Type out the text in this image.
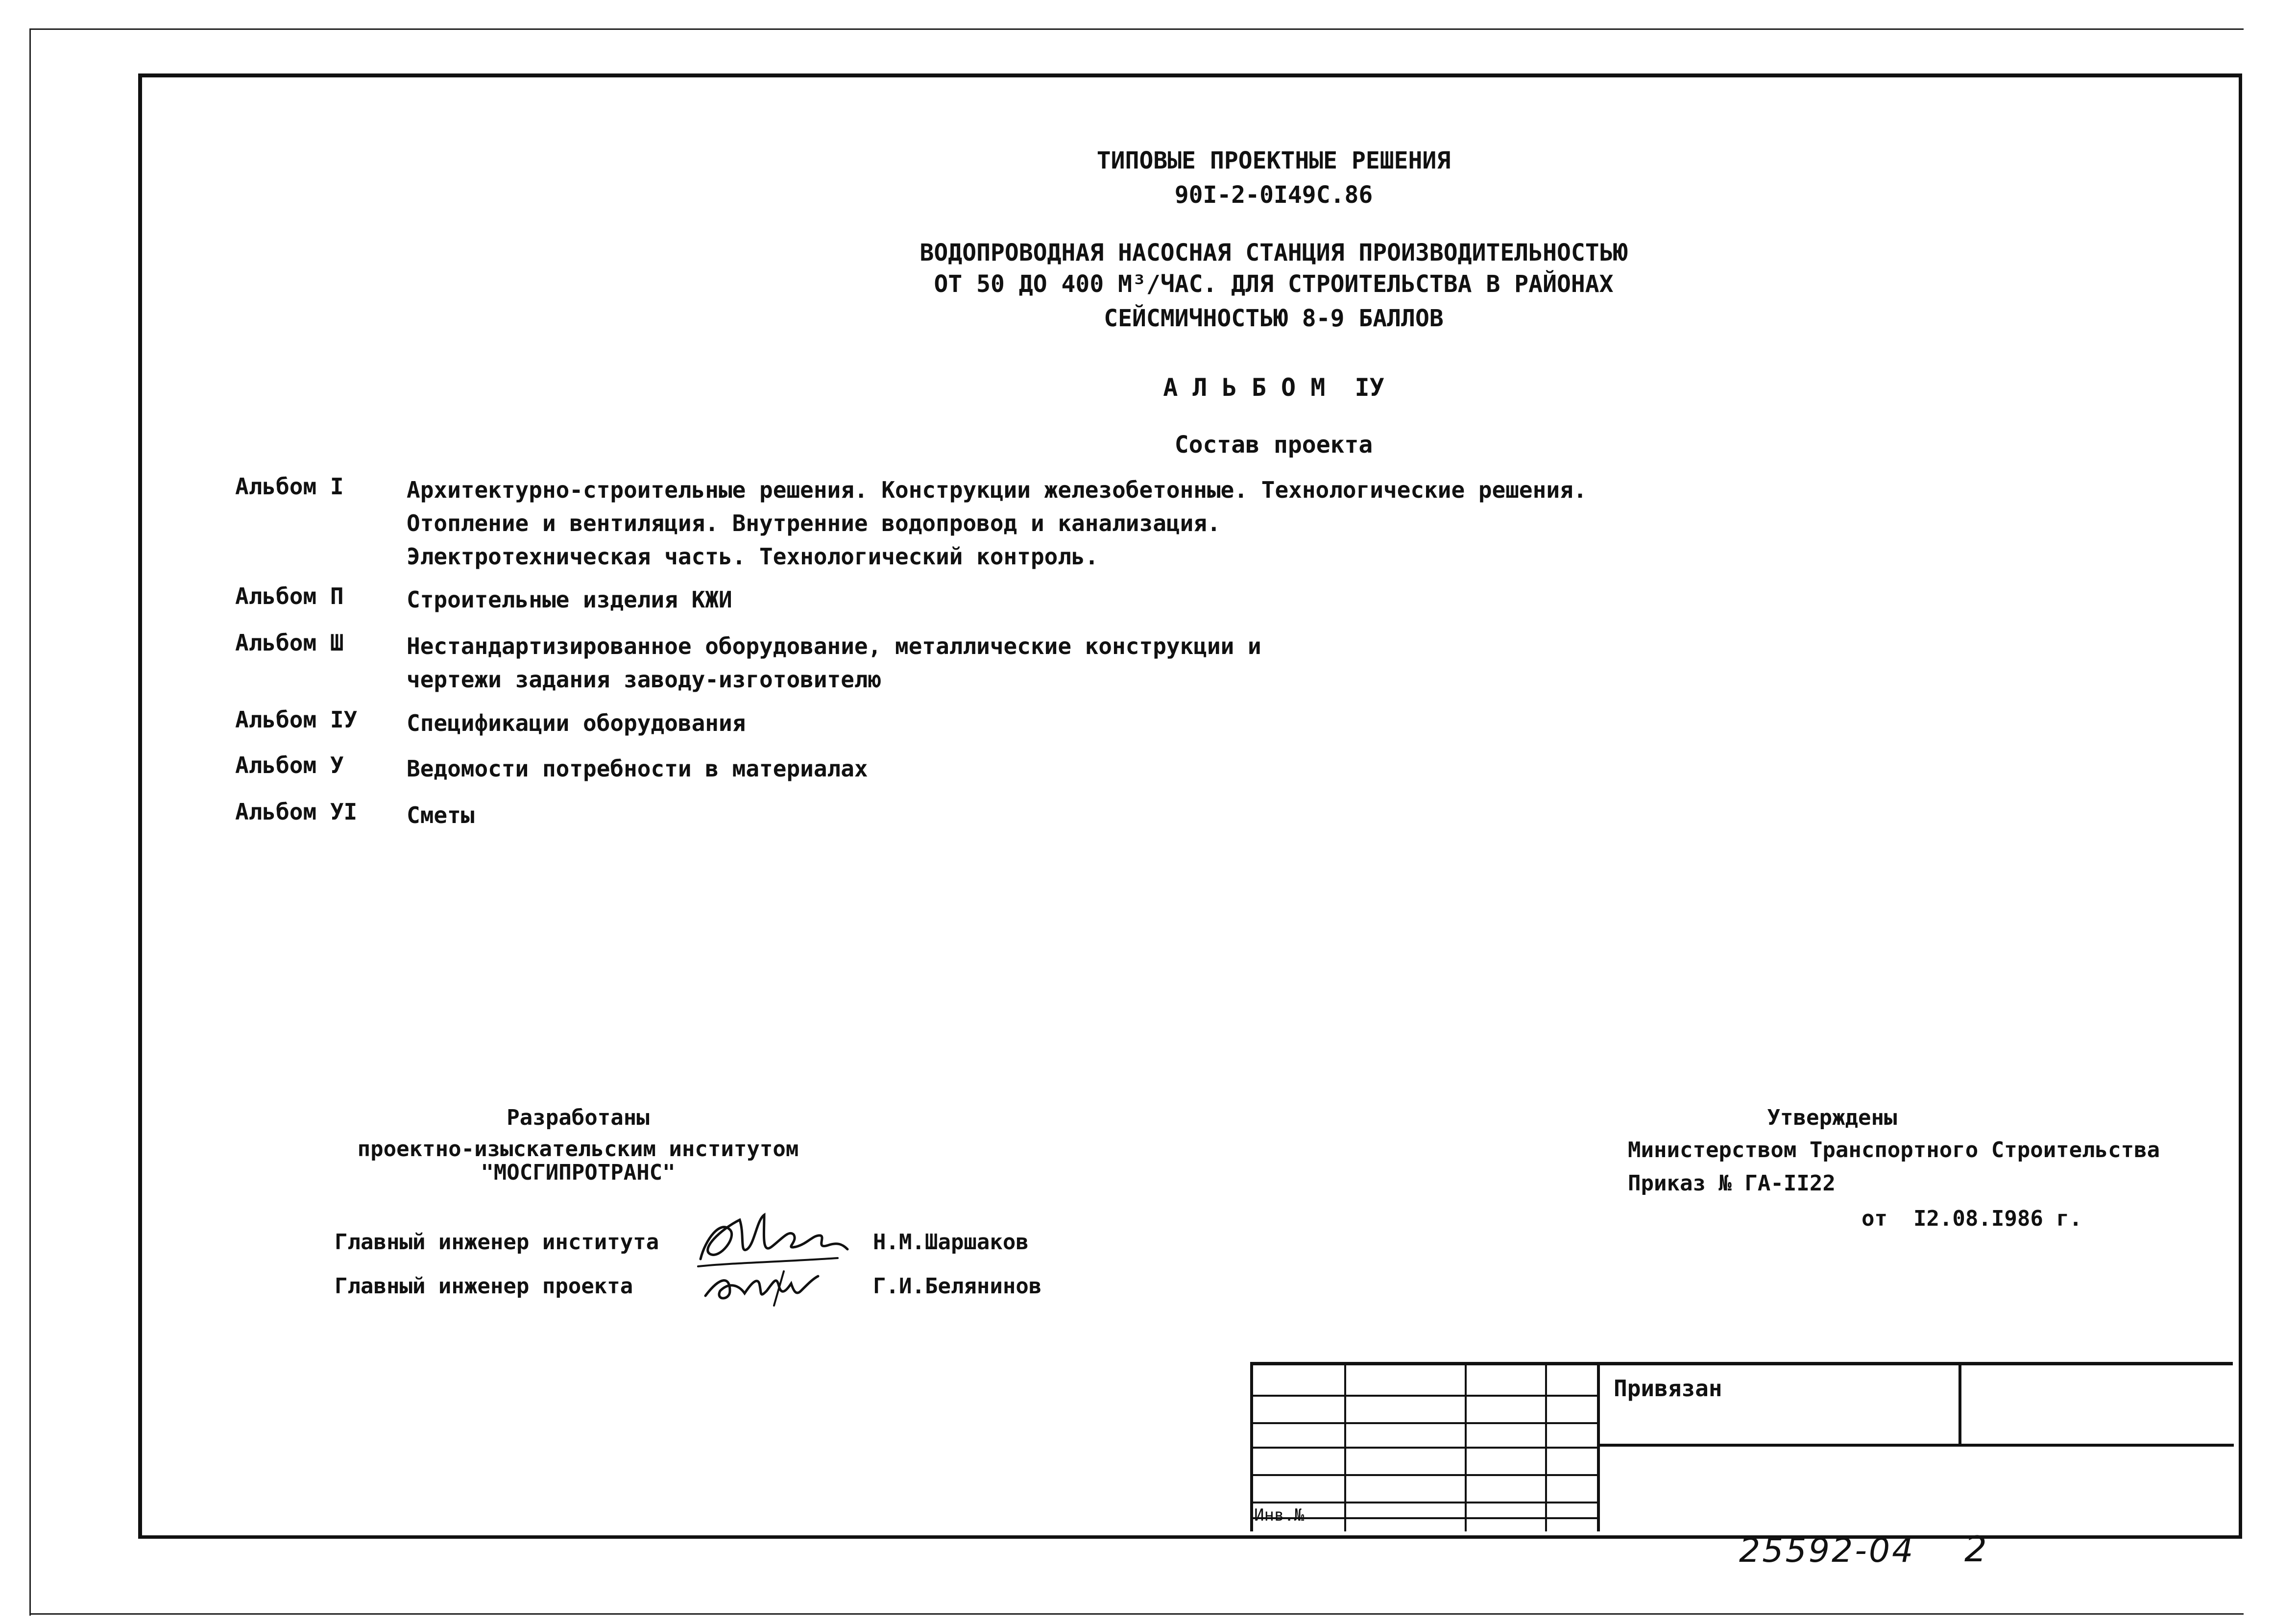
ТИПОВЫЕ ПРОЕКТНЫЕ РЕШЕНИЯ
90I-2-0I49С.86
ВОДОПРОВОДНАЯ НАСОСНАЯ СТАНЦИЯ ПРОИЗВОДИТЕЛЬНОСТЬЮ
ОТ 50 ДО 400 М³/ЧАС. ДЛЯ СТРОИТЕЛЬСТВА В РАЙОНАХ
СЕЙСМИЧНОСТЬЮ 8-9 БАЛЛОВ
А Л Ь Б О М  IУ
Состав проекта
Альбом I	Архитектурно-строительные решения. Конструкции железобетонные. Технологические решения.
Отопление и вентиляция. Внутренние водопровод и канализация.
Электротехническая часть. Технологический контроль.
Альбом П	Строительные изделия КЖИ
Альбом Ш	Нестандартизированное оборудование, металлические конструкции и
чертежи задания заводу-изготовителю
Альбом IУ Спецификации оборудования
Альбом У	Ведомости потребности в материалах
Альбом УI Сметы
Разработаны
проектно-изыскательским институтом
"МОСГИПРОТРАНС"
Главный инженер института	Н.М.Шаршаков
Главный инженер проекта	Г.И.Белянинов
Утверждены
Министерством Транспортного Строительства
Приказ № ГА-II22
от  I2.08.I986 г.
Привязан
Инв.№
25592-04 2
